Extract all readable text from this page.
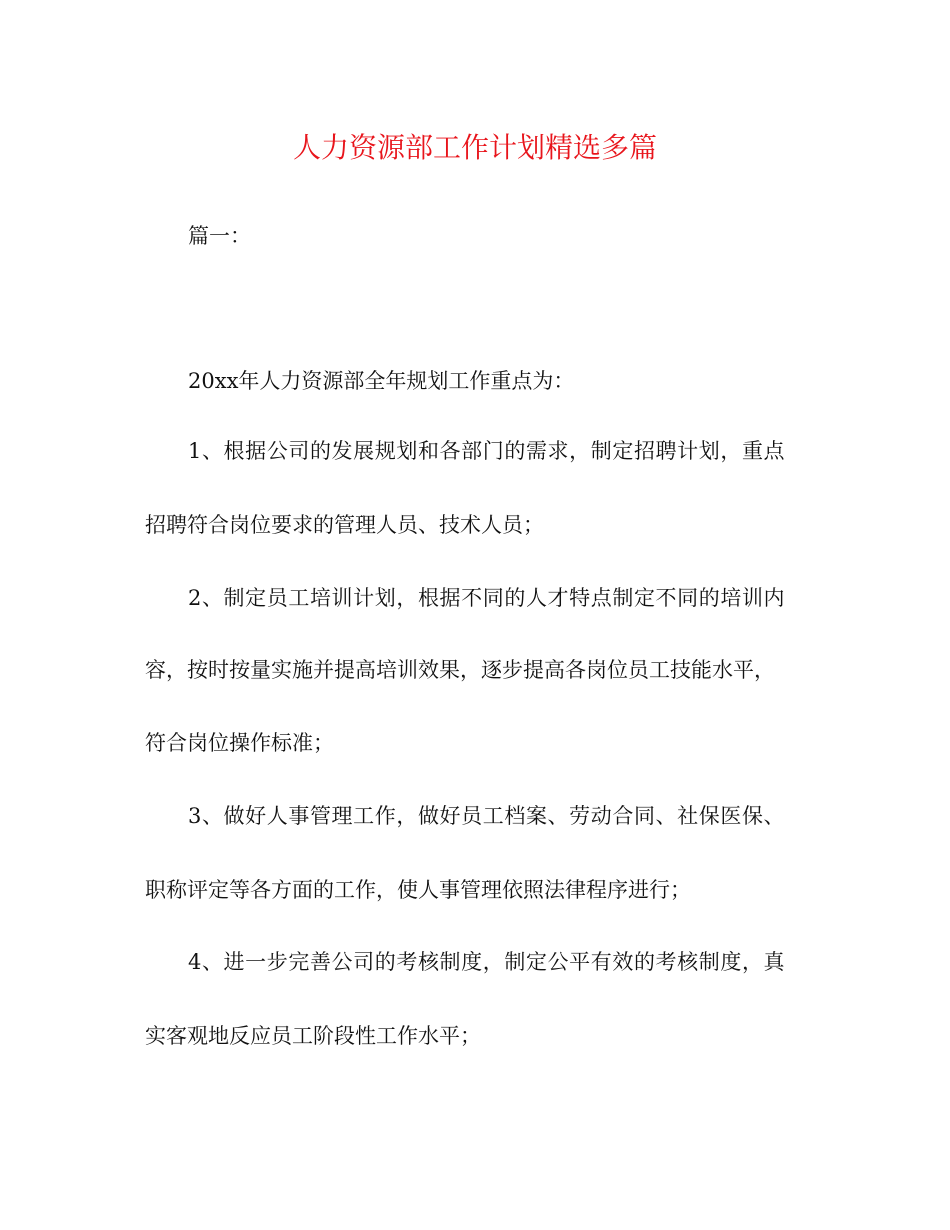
人力资源部工作计划精选多篇
篇一：
20xx年人力资源部全年规划工作重点为：
1、根据公司的发展规划和各部门的需求，制定招聘计划，重点
招聘符合岗位要求的管理人员、技术人员；
2、制定员工培训计划，根据不同的人才特点制定不同的培训内
容，按时按量实施并提高培训效果，逐步提高各岗位员工技能水平，
符合岗位操作标准；
3、做好人事管理工作，做好员工档案、劳动合同、社保医保、
职称评定等各方面的工作，使人事管理依照法律程序进行；
4、进一步完善公司的考核制度，制定公平有效的考核制度，真
实客观地反应员工阶段性工作水平；
